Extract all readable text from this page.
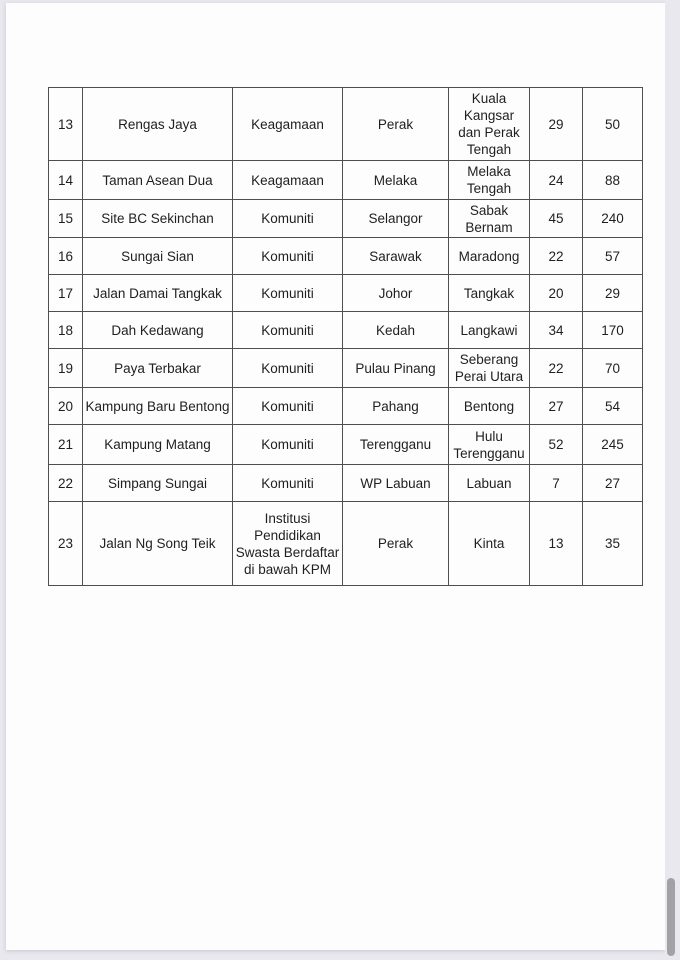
13	Rengas Jaya	Keagamaan	Perak	Kuala Kangsar dan Perak Tengah	29	50
14	Taman Asean Dua	Keagamaan	Melaka	Melaka Tengah	24	88
15	Site BC Sekinchan	Komuniti	Selangor	Sabak Bernam	45	240
16	Sungai Sian	Komuniti	Sarawak	Maradong	22	57
17	Jalan Damai Tangkak	Komuniti	Johor	Tangkak	20	29
18	Dah Kedawang	Komuniti	Kedah	Langkawi	34	170
19	Paya Terbakar	Komuniti	Pulau Pinang	Seberang Perai Utara	22	70
20	Kampung Baru Bentong	Komuniti	Pahang	Bentong	27	54
21	Kampung Matang	Komuniti	Terengganu	Hulu Terengganu	52	245
22	Simpang Sungai	Komuniti	WP Labuan	Labuan	7	27
23	Jalan Ng Song Teik	Institusi Pendidikan Swasta Berdaftar di bawah KPM	Perak	Kinta	13	35
